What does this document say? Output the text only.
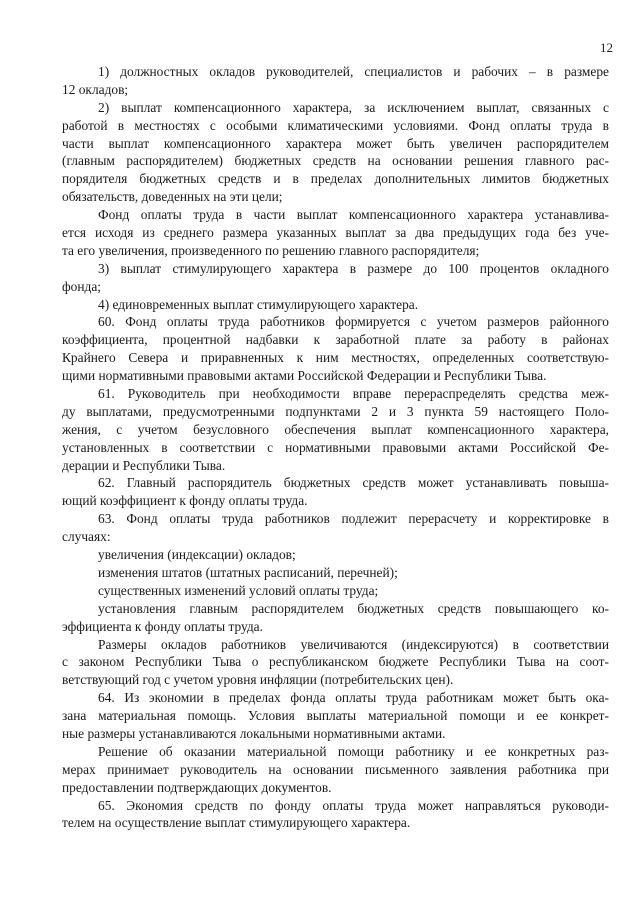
12
1) должностных окладов руководителей, специалистов и рабочих – в размере
12 окладов;
2) выплат компенсационного характера, за исключением выплат, связанных с
работой в местностях с особыми климатическими условиями. Фонд оплаты труда в
части выплат компенсационного характера может быть увеличен распорядителем
(главным распорядителем) бюджетных средств на основании решения главного рас-
порядителя бюджетных средств и в пределах дополнительных лимитов бюджетных
обязательств, доведенных на эти цели;
Фонд оплаты труда в части выплат компенсационного характера устанавлива-
ется исходя из среднего размера указанных выплат за два предыдущих года без уче-
та его увеличения, произведенного по решению главного распорядителя;
3) выплат стимулирующего характера в размере до 100 процентов окладного
фонда;
4) единовременных выплат стимулирующего характера.
60. Фонд оплаты труда работников формируется с учетом размеров районного
коэффициента, процентной надбавки к заработной плате за работу в районах
Крайнего Севера и приравненных к ним местностях, определенных соответствую-
щими нормативными правовыми актами Российской Федерации и Республики Тыва.
61. Руководитель при необходимости вправе перераспределять средства меж-
ду выплатами, предусмотренными подпунктами 2 и 3 пункта 59 настоящего Поло-
жения, с учетом безусловного обеспечения выплат компенсационного характера,
установленных в соответствии с нормативными правовыми актами Российской Фе-
дерации и Республики Тыва.
62. Главный распорядитель бюджетных средств может устанавливать повыша-
ющий коэффициент к фонду оплаты труда.
63. Фонд оплаты труда работников подлежит перерасчету и корректировке в
случаях:
увеличения (индексации) окладов;
изменения штатов (штатных расписаний, перечней);
существенных изменений условий оплаты труда;
установления главным распорядителем бюджетных средств повышающего ко-
эффициента к фонду оплаты труда.
Размеры окладов работников увеличиваются (индексируются) в соответствии
с законом Республики Тыва о республиканском бюджете Республики Тыва на соот-
ветствующий год с учетом уровня инфляции (потребительских цен).
64. Из экономии в пределах фонда оплаты труда работникам может быть ока-
зана материальная помощь. Условия выплаты материальной помощи и ее конкрет-
ные размеры устанавливаются локальными нормативными актами.
Решение об оказании материальной помощи работнику и ее конкретных раз-
мерах принимает руководитель на основании письменного заявления работника при
предоставлении подтверждающих документов.
65. Экономия средств по фонду оплаты труда может направляться руководи-
телем на осуществление выплат стимулирующего характера.
